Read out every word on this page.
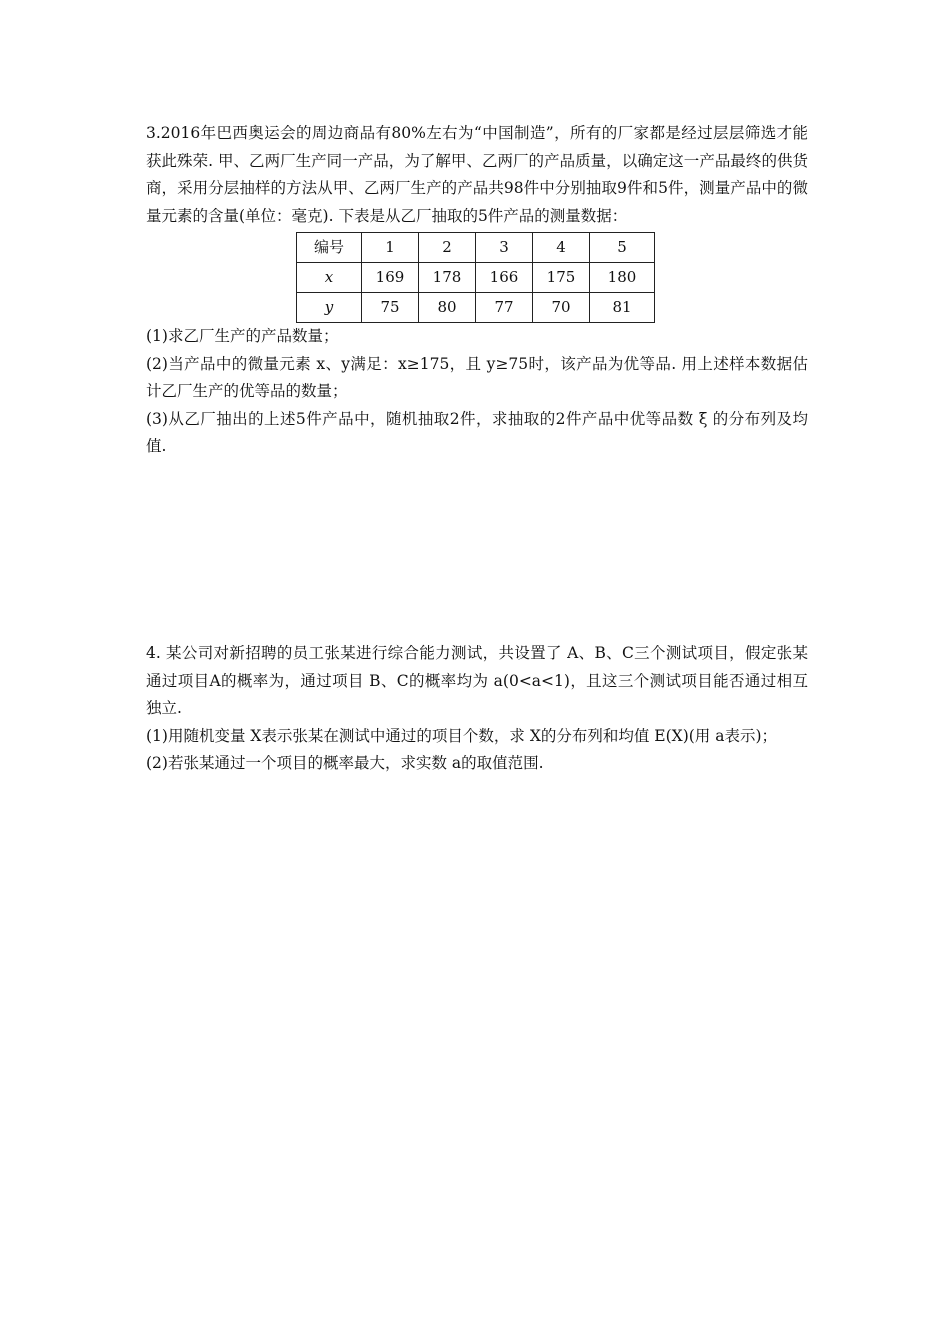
3.2016年巴西奥运会的周边商品有80%左右为“中国制造”，所有的厂家都是经过层层筛选才能获此殊荣. 甲、乙两厂生产同一产品，为了解甲、乙两厂的产品质量，以确定这一产品最终的供货商，采用分层抽样的方法从甲、乙两厂生产的产品共98件中分别抽取9件和5件，测量产品中的微量元素的含量(单位：毫克). 下表是从乙厂抽取的5件产品的测量数据：

编号	1	2	3	4	5
x	169	178	166	175	180
y	75	80	77	70	81

(1)求乙厂生产的产品数量；

(2)当产品中的微量元素 x、y满足：x≥175，且 y≥75时，该产品为优等品. 用上述样本数据估计乙厂生产的优等品的数量；

(3)从乙厂抽出的上述5件产品中，随机抽取2件，求抽取的2件产品中优等品数 ξ 的分布列及均值.

4. 某公司对新招聘的员工张某进行综合能力测试，共设置了 A、B、C三个测试项目，假定张某通过项目A的概率为，通过项目 B、C的概率均为 a(0<a<1)，且这三个测试项目能否通过相互独立.

(1)用随机变量 X表示张某在测试中通过的项目个数，求 X的分布列和均值 E(X)(用 a表示)；

(2)若张某通过一个项目的概率最大，求实数 a的取值范围.
